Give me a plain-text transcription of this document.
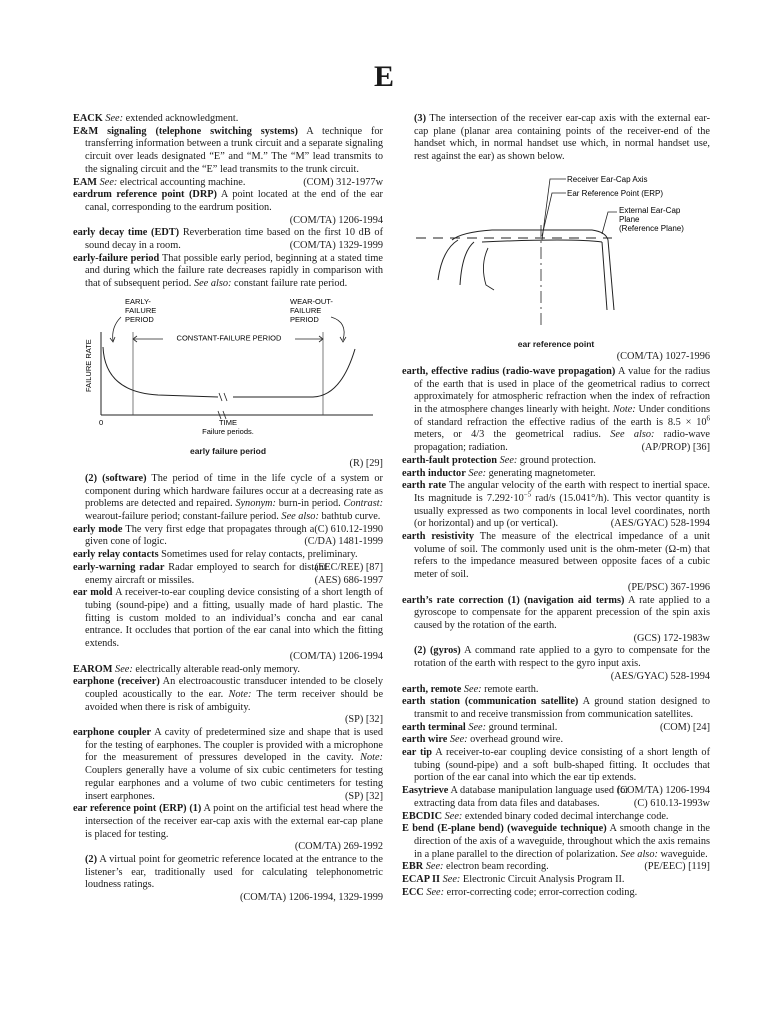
E

EACK See: extended acknowledgment.

E&M signaling (telephone switching systems) A technique for transferring information between a trunk circuit and a separate signaling circuit over leads designated “E” and “M.” The “M” lead transmits to the signaling circuit and the “E” lead transmits to the trunk circuit.
(COM) 312-1977w

EAM See: electrical accounting machine.

eardrum reference point (DRP) A point located at the end of the ear canal, corresponding to the eardrum position.
(COM/TA) 1206-1994

early decay time (EDT) Reverberation time based on the first 10 dB of sound decay in a room.	(COM/TA) 1329-1999

early-failure period That possible early period, beginning at a stated time and during which the failure rate decreases rapidly in comparison with that of subsequent period. See also: constant failure rate period.

EARLY-
FAILURE
PERIOD
WEAR-OUT-
FAILURE
PERIOD
CONSTANT-FAILURE PERIOD
FAILURE RATE
0	TIME
Failure periods.
early failure period
(R) [29]

(2) (software) The period of time in the life cycle of a system or component during which hardware failures occur at a decreasing rate as problems are detected and repaired. Synonym: burn-in period. Contrast: wearout-failure period; constant-failure period. See also: bathtub curve.
(C) 610.12-1990

early mode The very first edge that propagates through a given cone of logic.	(C/DA) 1481-1999

early relay contacts Sometimes used for relay contacts, preliminary.
(EEC/REE) [87]

early-warning radar Radar employed to search for distant enemy aircraft or missiles.	(AES) 686-1997

ear mold A receiver-to-ear coupling device consisting of a short length of tubing (sound-pipe) and a fitting, usually made of hard plastic. The fitting is custom molded to an individual’s concha and ear canal entrance. It occludes that portion of the ear canal into which the fitting extends.
(COM/TA) 1206-1994

EAROM See: electrically alterable read-only memory.

earphone (receiver) An electroacoustic transducer intended to be closely coupled acoustically to the ear. Note: The term receiver should be avoided when there is risk of ambiguity.
(SP) [32]

earphone coupler A cavity of predetermined size and shape that is used for the testing of earphones. The coupler is provided with a microphone for the measurement of pressures developed in the cavity. Note: Couplers generally have a volume of six cubic centimeters for testing regular earphones and a volume of two cubic centimeters for testing insert earphones.	(SP) [32]

ear reference point (ERP) (1) A point on the artificial test head where the intersection of the receiver ear-cap axis with the external ear-cap plane is placed for testing.
(COM/TA) 269-1992

(2) A virtual point for geometric reference located at the entrance to the listener’s ear, traditionally used for calculating telephonometric loudness ratings.
(COM/TA) 1206-1994, 1329-1999

(3) The intersection of the receiver ear-cap axis with the external ear-cap plane (planar area containing points of the receiver-end of the handset which, in normal handset use which, in normal handset use, rest against the ear) as shown below.

Receiver Ear-Cap Axis
Ear Reference Point (ERP)
External Ear-Cap
Plane
(Reference Plane)
ear reference point
(COM/TA) 1027-1996

earth, effective radius (radio-wave propagation) A value for the radius of the earth that is used in place of the geometrical radius to correct approximately for atmospheric refraction when the index of refraction in the atmosphere changes linearly with height. Note: Under conditions of standard refraction the effective radius of the earth is $8.5 \times 10^6$ meters, or 4/3 the geometrical radius. See also: radio-wave propagation; radiation.	(AP/PROP) [36]

earth-fault protection See: ground protection.

earth inductor See: generating magnetometer.

earth rate The angular velocity of the earth with respect to inertial space. Its magnitude is $7.292\cdot 10^{-5}$ rad/s (15.041°/h). This vector quantity is usually expressed as two components in local level coordinates, north (or horizontal) and up (or vertical).	(AES/GYAC) 528-1994

earth resistivity The measure of the electrical impedance of a unit volume of soil. The commonly used unit is the ohm-meter (Ω-m) that refers to the impedance measured between opposite faces of a cubic meter of soil.
(PE/PSC) 367-1996

earth’s rate correction (1) (navigation aid terms) A rate applied to a gyroscope to compensate for the apparent precession of the spin axis caused by the rotation of the earth.
(GCS) 172-1983w

(2) (gyros) A command rate applied to a gyro to compensate for the rotation of the earth with respect to the gyro input axis.
(AES/GYAC) 528-1994

earth, remote See: remote earth.

earth station (communication satellite) A ground station designed to transmit to and receive transmission from communication satellites.
(COM) [24]

earth terminal See: ground terminal.

earth wire See: overhead ground wire.

ear tip A receiver-to-ear coupling device consisting of a short length of tubing (sound-pipe) and a soft bulb-shaped fitting. It occludes that portion of the ear canal into which the ear tip extends.
(COM/TA) 1206-1994

Easytrieve A database manipulation language used for extracting data from data files and databases.	(C) 610.13-1993w

EBCDIC See: extended binary coded decimal interchange code.

E bend (E-plane bend) (waveguide technique) A smooth change in the direction of the axis of a waveguide, throughout which the axis remains in a plane parallel to the direction of polarization. See also: waveguide.
(PE/EEC) [119]

EBR See: electron beam recording.

ECAP II See: Electronic Circuit Analysis Program II.

ECC See: error-correcting code; error-correction coding.
